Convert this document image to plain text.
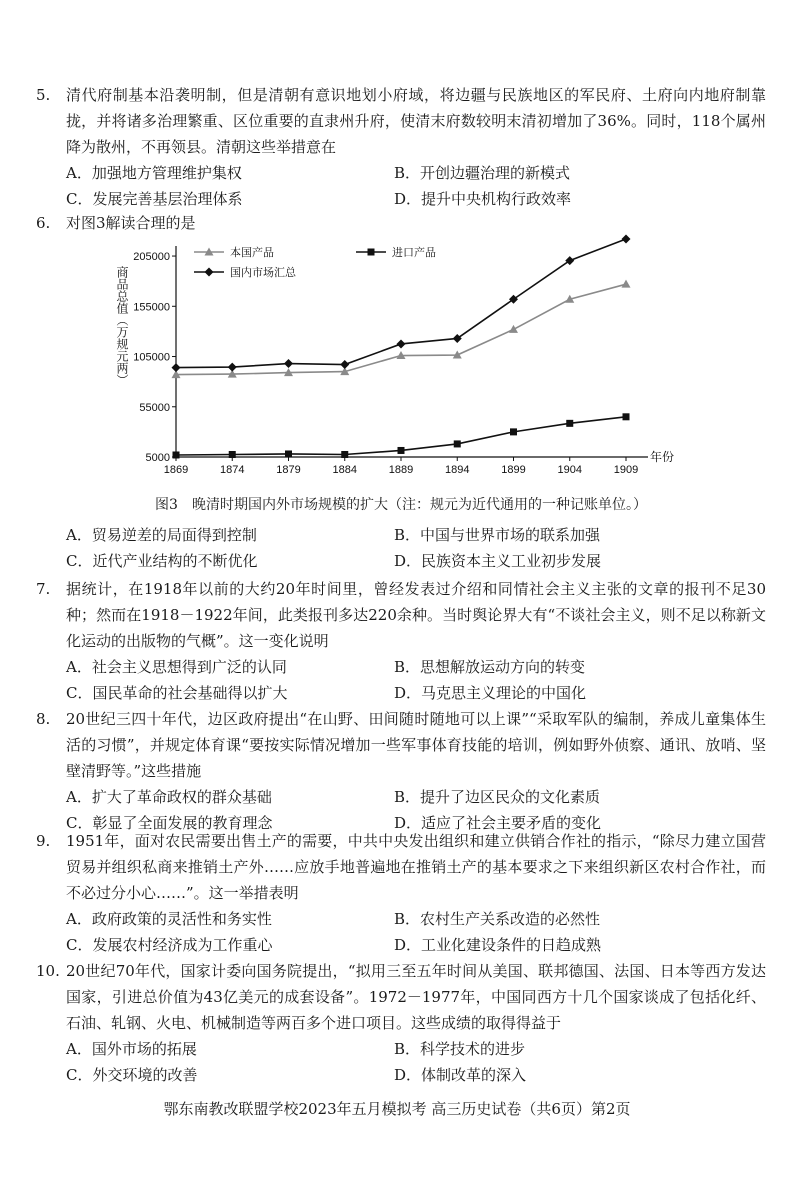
5.	清代府制基本沿袭明制，但是清朝有意识地划小府域，将边疆与民族地区的军民府、土府向内地府制靠拢，并将诸多治理繁重、区位重要的直隶州升府，使清末府数较明末清初增加了36%。同时，118个属州降为散州，不再领县。清朝这些举措意在
A．加强地方管理维护集权	B．开创边疆治理的新模式
C．发展完善基层治理体系	D．提升中央机构行政效率
6.	对图3解读合理的是
5000
55000
105000
155000
205000
1869	1874	1879	1884	1889	1894	1899	1904	1909
年份
商品总值（万规元两）
本国产品	进口产品
国内市场汇总
图3　晚清时期国内外市场规模的扩大（注：规元为近代通用的一种记账单位。）
A．贸易逆差的局面得到控制	B．中国与世界市场的联系加强
C．近代产业结构的不断优化	D．民族资本主义工业初步发展
7.	据统计，在1918年以前的大约20年时间里，曾经发表过介绍和同情社会主义主张的文章的报刊不足30种；然而在1918－1922年间，此类报刊多达220余种。当时舆论界大有“不谈社会主义，则不足以称新文化运动的出版物的气概”。这一变化说明
A．社会主义思想得到广泛的认同	B．思想解放运动方向的转变
C．国民革命的社会基础得以扩大	D．马克思主义理论的中国化
8.	20世纪三四十年代，边区政府提出“在山野、田间随时随地可以上课”“采取军队的编制，养成儿童集体生活的习惯”，并规定体育课“要按实际情况增加一些军事体育技能的培训，例如野外侦察、通讯、放哨、坚壁清野等。”这些措施
A．扩大了革命政权的群众基础	B．提升了边区民众的文化素质
C．彰显了全面发展的教育理念	D．适应了社会主要矛盾的变化
9.	1951年，面对农民需要出售土产的需要，中共中央发出组织和建立供销合作社的指示，“除尽力建立国营贸易并组织私商来推销土产外……应放手地普遍地在推销土产的基本要求之下来组织新区农村合作社，而不必过分小心……”。这一举措表明
A．政府政策的灵活性和务实性	B．农村生产关系改造的必然性
C．发展农村经济成为工作重心	D．工业化建设条件的日趋成熟
10. 20世纪70年代，国家计委向国务院提出，“拟用三至五年时间从美国、联邦德国、法国、日本等西方发达国家，引进总价值为43亿美元的成套设备”。1972－1977年，中国同西方十几个国家谈成了包括化纤、石油、轧钢、火电、机械制造等两百多个进口项目。这些成绩的取得得益于
A．国外市场的拓展	B．科学技术的进步
C．外交环境的改善	D．体制改革的深入
鄂东南教改联盟学校2023年五月模拟考 高三历史试卷（共6页）第2页
